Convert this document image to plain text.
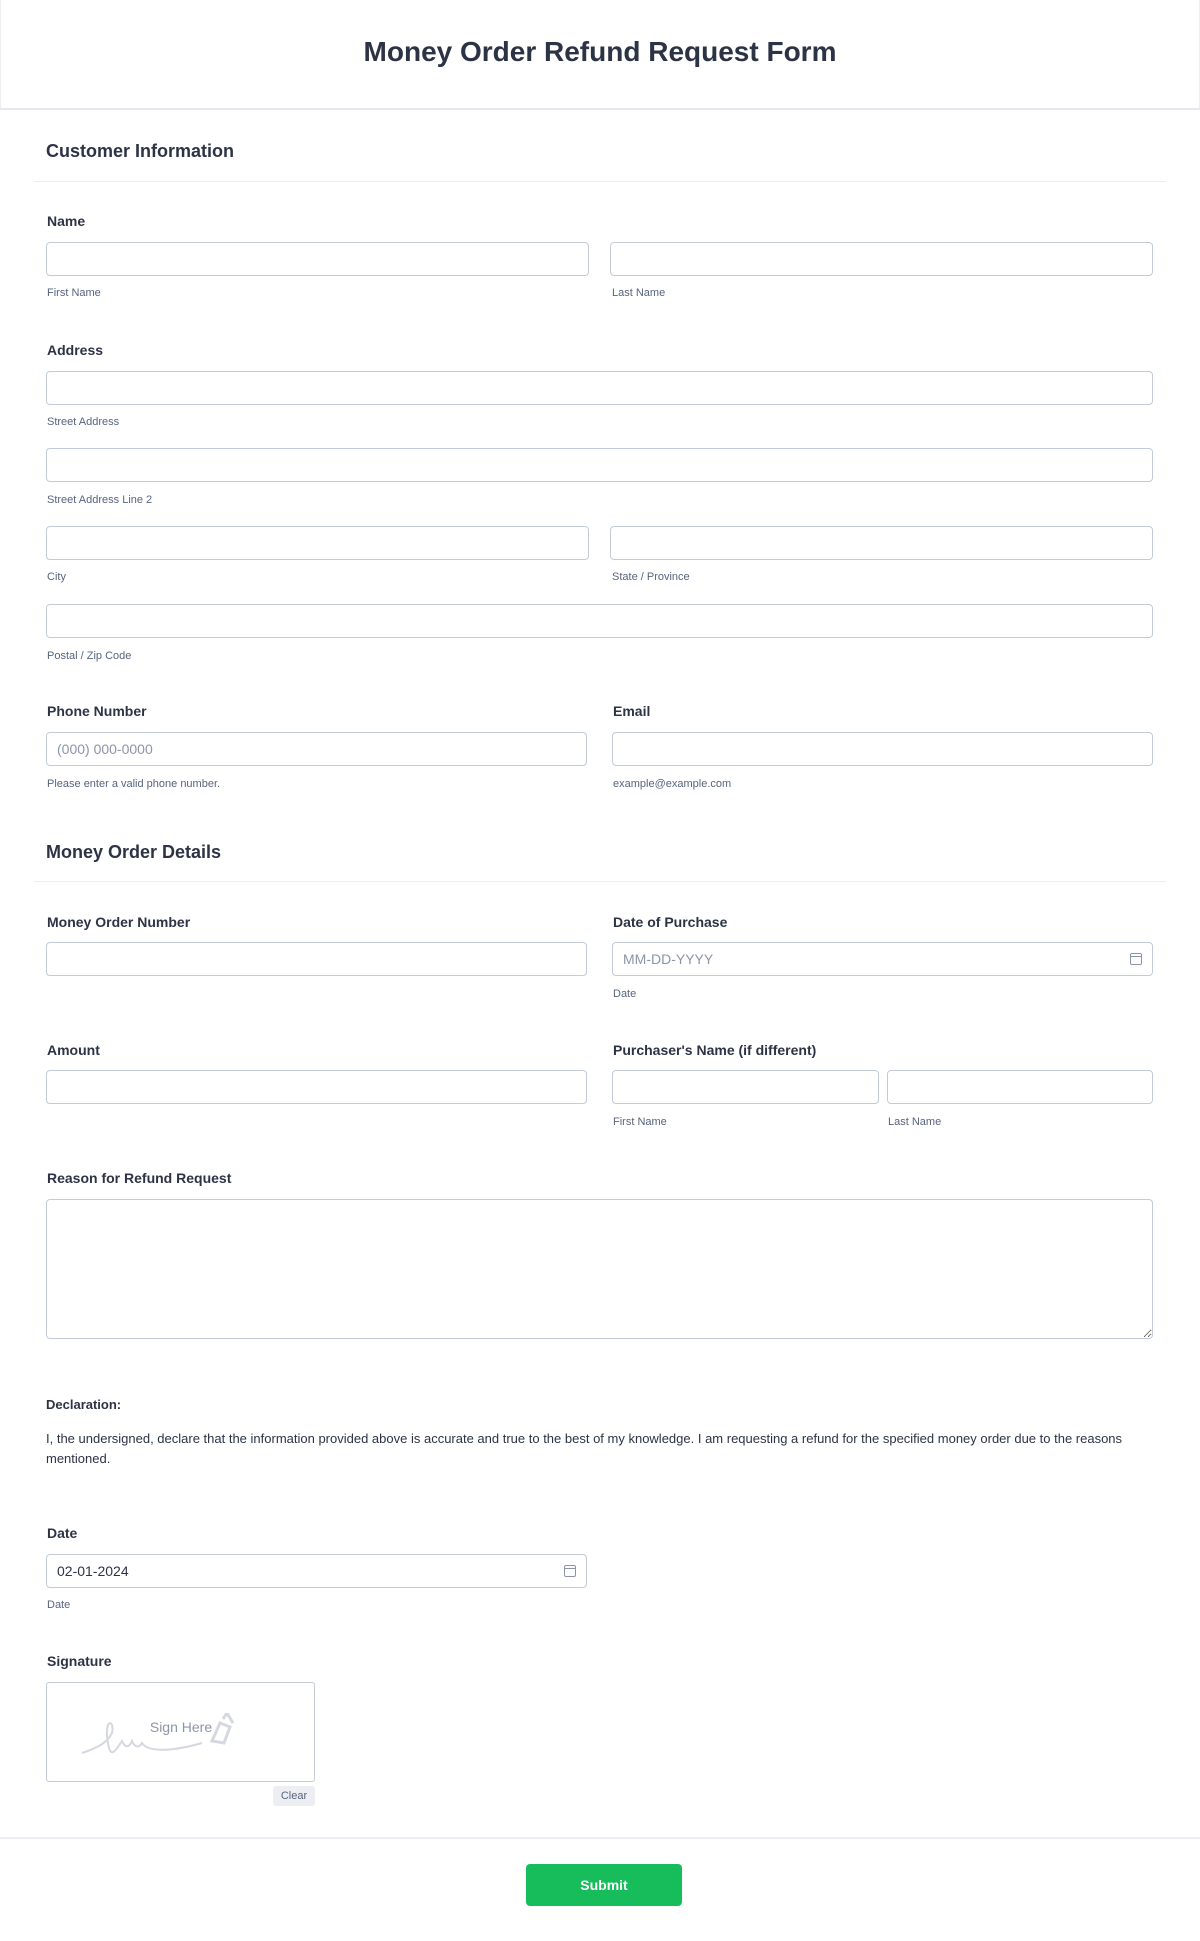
Money Order Refund Request Form
Customer Information
Name
First Name	Last Name
Address
Street Address
Street Address Line 2
City	State / Province
Postal / Zip Code
Phone Number	Email
(000) 000-0000
Please enter a valid phone number.	example@example.com
Money Order Details
Money Order Number	Date of Purchase
MM-DD-YYYY
Date
Amount	Purchaser's Name (if different)
First Name	Last Name
Reason for Refund Request
Declaration:
I, the undersigned, declare that the information provided above is accurate and true to the best of my knowledge. I am requesting a refund for the specified money order due to the reasons mentioned.
Date
02-01-2024
Date
Signature
Sign Here
Clear
Submit
